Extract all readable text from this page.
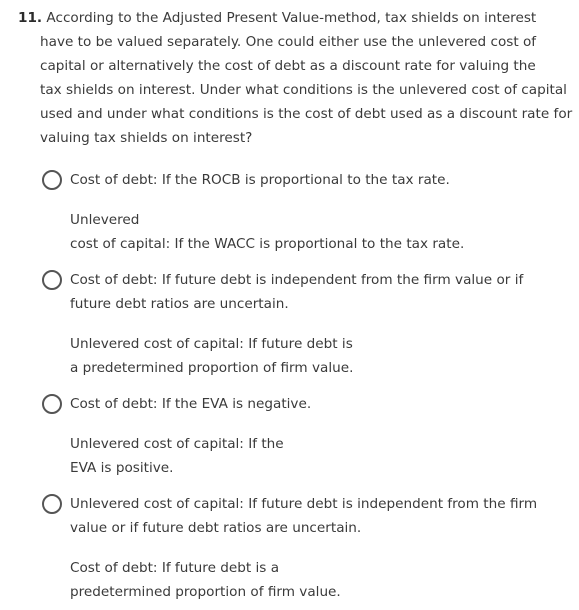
11. According to the Adjusted Present Value-method, tax shields on interest
have to be valued separately. One could either use the unlevered cost of
capital or alternatively the cost of debt as a discount rate for valuing the
tax shields on interest. Under what conditions is the unlevered cost of capital
used and under what conditions is the cost of debt used as a discount rate for
valuing tax shields on interest?
Cost of debt: If the ROCB is proportional to the tax rate.
Unlevered
cost of capital: If the WACC is proportional to the tax rate.
Cost of debt: If future debt is independent from the firm value or if
future debt ratios are uncertain.
Unlevered cost of capital: If future debt is
a predetermined proportion of firm value.
Cost of debt: If the EVA is negative.
Unlevered cost of capital: If the
EVA is positive.
Unlevered cost of capital: If future debt is independent from the firm
value or if future debt ratios are uncertain.
Cost of debt: If future debt is a
predetermined proportion of firm value.
